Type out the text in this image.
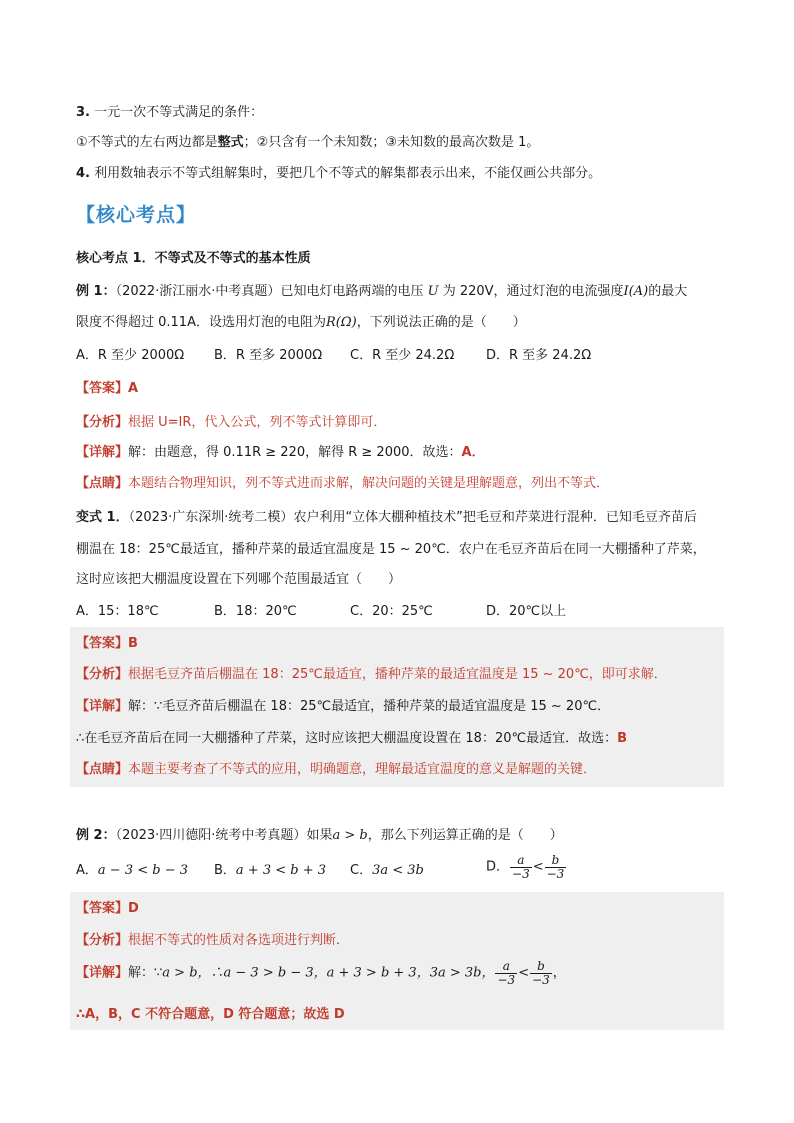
3. 一元一次不等式满足的条件：
①不等式的左右两边都是整式；②只含有一个未知数；③未知数的最高次数是 1。
4. 利用数轴表示不等式组解集时，要把几个不等式的解集都表示出来，不能仅画公共部分。
【核心考点】
核心考点 1．不等式及不等式的基本性质
例 1：（2022·浙江丽水·中考真题）已知电灯电路两端的电压 U 为 220V，通过灯泡的电流强度I(A)的最大
限度不得超过 0.11A．设选用灯泡的电阻为R(Ω)，下列说法正确的是（　　）
A．R 至少 2000Ω B．R 至多 2000Ω C．R 至少 24.2Ω D．R 至多 24.2Ω
【答案】A
【分析】根据 U=IR，代入公式，列不等式计算即可．
【详解】解：由题意，得 0.11R ≥ 220，解得 R ≥ 2000．故选：A．
【点睛】本题结合物理知识，列不等式进而求解，解决问题的关键是理解题意，列出不等式．
变式 1．（2023·广东深圳·统考二模）农户利用“立体大棚种植技术”把毛豆和芹菜进行混种．已知毛豆齐苗后
棚温在 18：25℃最适宜，播种芹菜的最适宜温度是 15 ~ 20℃．农户在毛豆齐苗后在同一大棚播种了芹菜，
这时应该把大棚温度设置在下列哪个范围最适宜（　　）
A．15：18℃	B．18：20℃	C．20：25℃	D．20℃以上
【答案】B
【分析】根据毛豆齐苗后棚温在 18：25℃最适宜，播种芹菜的最适宜温度是 15 ~ 20℃，即可求解．
【详解】解：∵毛豆齐苗后棚温在 18：25℃最适宜，播种芹菜的最适宜温度是 15 ~ 20℃．
∴在毛豆齐苗后在同一大棚播种了芹菜，这时应该把大棚温度设置在 18：20℃最适宜．故选：B
【点睛】本题主要考查了不等式的应用，明确题意，理解最适宜温度的意义是解题的关键．
例 2：（2023·四川德阳·统考中考真题）如果a > b，那么下列运算正确的是（　　）
A．a − 3 < b − 3 B．a + 3 < b + 3 C．3a < 3b	D． $\frac{a}{-3} < \frac{b}{-3}$
【答案】D
【分析】根据不等式的性质对各选项进行判断．
【详解】解：∵a > b，∴a − 3 > b − 3，a + 3 > b + 3，3a > 3b， $\frac{a}{-3} < \frac{b}{-3}$ ，
∴A，B，C 不符合题意，D 符合题意；故选 D
